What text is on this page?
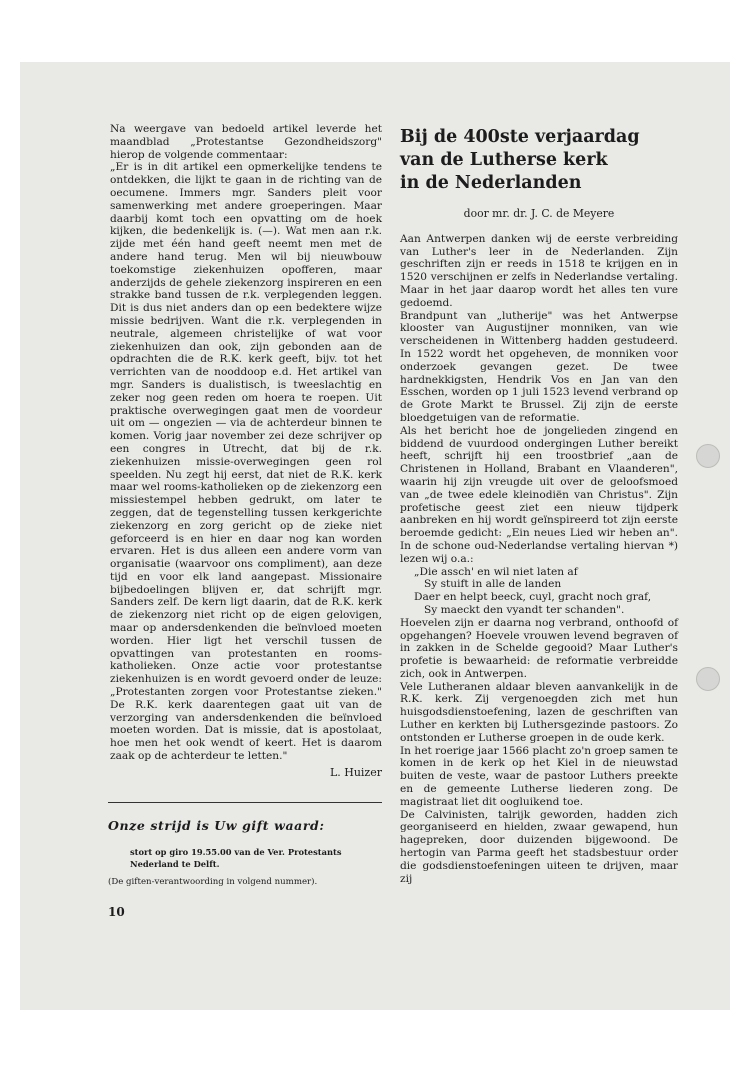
Na weergave van bedoeld artikel leverde het maandblad „Protestantse Gezondheidszorg" hierop de volgende commentaar:

„Er is in dit artikel een opmerkelijke tendens te ontdekken, die lijkt te gaan in de richting van de oecumene. Immers mgr. Sanders pleit voor samenwerking met andere groeperingen. Maar daarbij komt toch een opvatting om de hoek kijken, die bedenkelijk is. (—). Wat men aan r.k. zijde met één hand geeft neemt men met de andere hand terug. Men wil bij nieuwbouw toekomstige ziekenhuizen opofferen, maar anderzijds de gehele ziekenzorg inspireren en een strakke band tussen de r.k. verplegenden leggen. Dit is dus niet anders dan op een bedektere wijze missie bedrijven. Want die r.k. verplegenden in neutrale, algemeen christelijke of wat voor ziekenhuizen dan ook, zijn gebonden aan de opdrachten die de R.K. kerk geeft, bijv. tot het verrichten van de nooddoop e.d. Het artikel van mgr. Sanders is dualistisch, is tweeslachtig en zeker nog geen reden om hoera te roepen. Uit praktische overwegingen gaat men de voordeur uit om — ongezien — via de achterdeur binnen te komen. Vorig jaar november zei deze schrijver op een congres in Utrecht, dat bij de r.k. ziekenhuizen missie-overwegingen geen rol speelden. Nu zegt hij eerst, dat niet de R.K. kerk maar wel rooms-katholieken op de ziekenzorg een missiestempel hebben gedrukt, om later te zeggen, dat de tegenstelling tussen kerkgerichte ziekenzorg en zorg gericht op de zieke niet geforceerd is en hier en daar nog kan worden ervaren. Het is dus alleen een andere vorm van organisatie (waarvoor ons compliment), aan deze tijd en voor elk land aangepast. Missionaire bijbedoelingen blijven er, dat schrijft mgr. Sanders zelf. De kern ligt daarin, dat de R.K. kerk de ziekenzorg niet richt op de eigen gelovigen, maar op andersdenkenden die beïnvloed moeten worden. Hier ligt het verschil tussen de opvattingen van protestanten en rooms-katholieken. Onze actie voor protestantse ziekenhuizen is en wordt gevoerd onder de leuze: „Protestanten zorgen voor Protestantse zieken." De R.K. kerk daarentegen gaat uit van de verzorging van andersdenkenden die beïnvloed moeten worden. Dat is missie, dat is apostolaat, hoe men het ook wendt of keert. Het is daarom zaak op de achterdeur te letten."

L. Huizer

Onze strijd is Uw gift waard:

stort op giro 19.55.00 van de Ver. Protestants Nederland te Delft.

(De giften-verantwoording in volgend nummer).

10

Bij de 400ste verjaardag
van de Lutherse kerk
in de Nederlanden

door mr. dr. J. C. de Meyere

Aan Antwerpen danken wij de eerste verbreiding van Luther's leer in de Nederlanden. Zijn geschriften zijn er reeds in 1518 te krijgen en in 1520 verschijnen er zelfs in Nederlandse vertaling. Maar in het jaar daarop wordt het alles ten vure gedoemd.

Brandpunt van „lutherije" was het Antwerpse klooster van Augustijner monniken, van wie verscheidenen in Wittenberg hadden gestudeerd. In 1522 wordt het opgeheven, de monniken voor onderzoek gevangen gezet. De twee hardnekkigsten, Hendrik Vos en Jan van den Esschen, worden op 1 juli 1523 levend verbrand op de Grote Markt te Brussel. Zij zijn de eerste bloedgetuigen van de reformatie.

Als het bericht hoe de jongelieden zingend en biddend de vuurdood ondergingen Luther bereikt heeft, schrijft hij een troostbrief „aan de Christenen in Holland, Brabant en Vlaanderen", waarin hij zijn vreugde uit over de geloofsmoed van „de twee edele kleinodiën van Christus". Zijn profetische geest ziet een nieuw tijdperk aanbreken en hij wordt geïnspireerd tot zijn eerste beroemde gedicht: „Ein neues Lied wir heben an". In de schone oud-Nederlandse vertaling hiervan *) lezen wij o.a.:

„Die assch' en wil niet laten af
Sy stuift in alle de landen
Daer en helpt beeck, cuyl, gracht noch graf,
Sy maeckt den vyandt ter schanden".

Hoevelen zijn er daarna nog verbrand, onthoofd of opgehangen? Hoevele vrouwen levend begraven of in zakken in de Schelde gegooid? Maar Luther's profetie is bewaarheid: de reformatie verbreidde zich, ook in Antwerpen.

Vele Lutheranen aldaar bleven aanvankelijk in de R.K. kerk. Zij vergenoegden zich met hun huisgodsdienstoefening, lazen de geschriften van Luther en kerkten bij Luthersgezinde pastoors. Zo ontstonden er Lutherse groepen in de oude kerk.

In het roerige jaar 1566 placht zo'n groep samen te komen in de kerk op het Kiel in de nieuwstad buiten de veste, waar de pastoor Luthers preekte en de gemeente Lutherse liederen zong. De magistraat liet dit oogluikend toe.

De Calvinisten, talrijk geworden, hadden zich georganiseerd en hielden, zwaar gewapend, hun hagepreken, door duizenden bijgewoond. De hertogin van Parma geeft het stadsbestuur order die godsdienstoefeningen uiteen te drijven, maar zij
